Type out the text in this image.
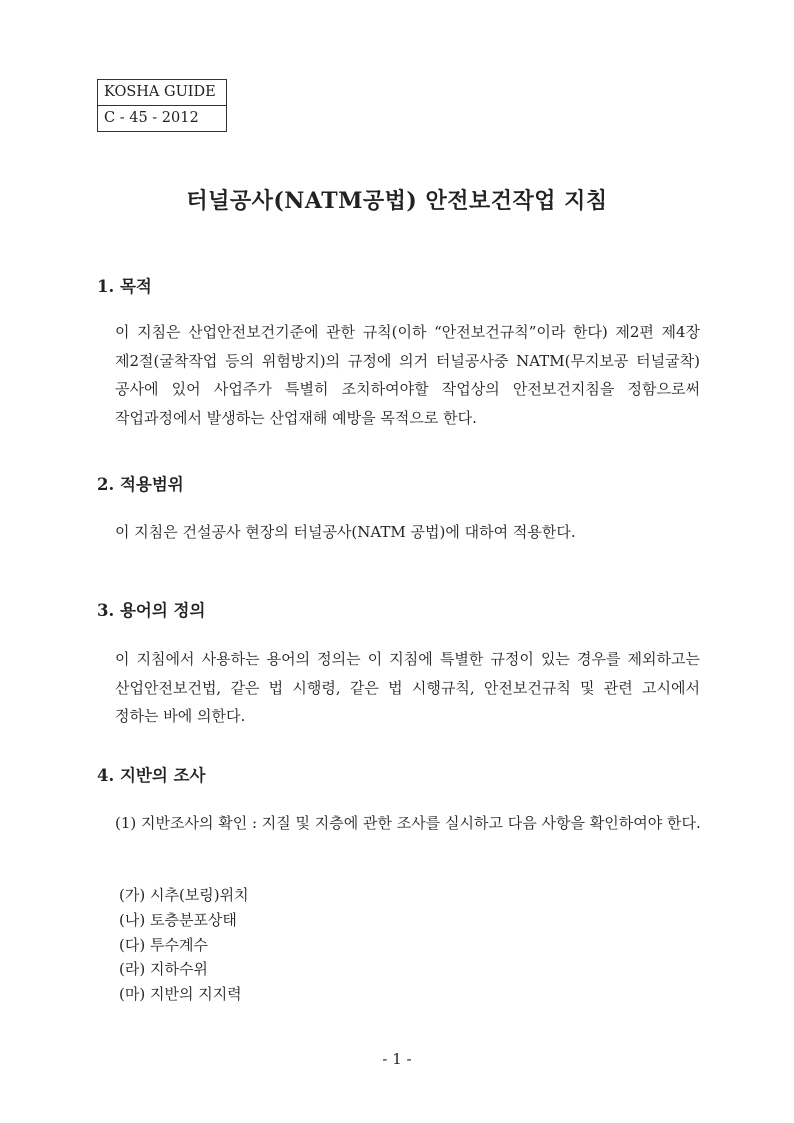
KOSHA GUIDE
C - 45 - 2012
터널공사(NATM공법) 안전보건작업 지침
1. 목적
이 지침은 산업안전보건기준에 관한 규칙(이하 “안전보건규칙”이라 한다) 제2편 제4장 제2절(굴착작업 등의 위험방지)의 규정에 의거 터널공사중 NATM(무지보공 터널굴착)공사에 있어 사업주가 특별히 조치하여야할 작업상의 안전보건지침을 정함으로써 작업과정에서 발생하는 산업재해 예방을 목적으로 한다.
2. 적용범위
이 지침은 건설공사 현장의 터널공사(NATM 공법)에 대하여 적용한다.
3. 용어의 정의
이 지침에서 사용하는 용어의 정의는 이 지침에 특별한 규정이 있는 경우를 제외하고는 산업안전보건법, 같은 법 시행령, 같은 법 시행규칙, 안전보건규칙 및 관련 고시에서 정하는 바에 의한다.
4. 지반의 조사
(1) 지반조사의 확인 : 지질 및 지층에 관한 조사를 실시하고 다음 사항을 확인하여야 한다.
(가) 시추(보링)위치
(나) 토층분포상태
(다) 투수계수
(라) 지하수위
(마) 지반의 지지력
- 1 -
